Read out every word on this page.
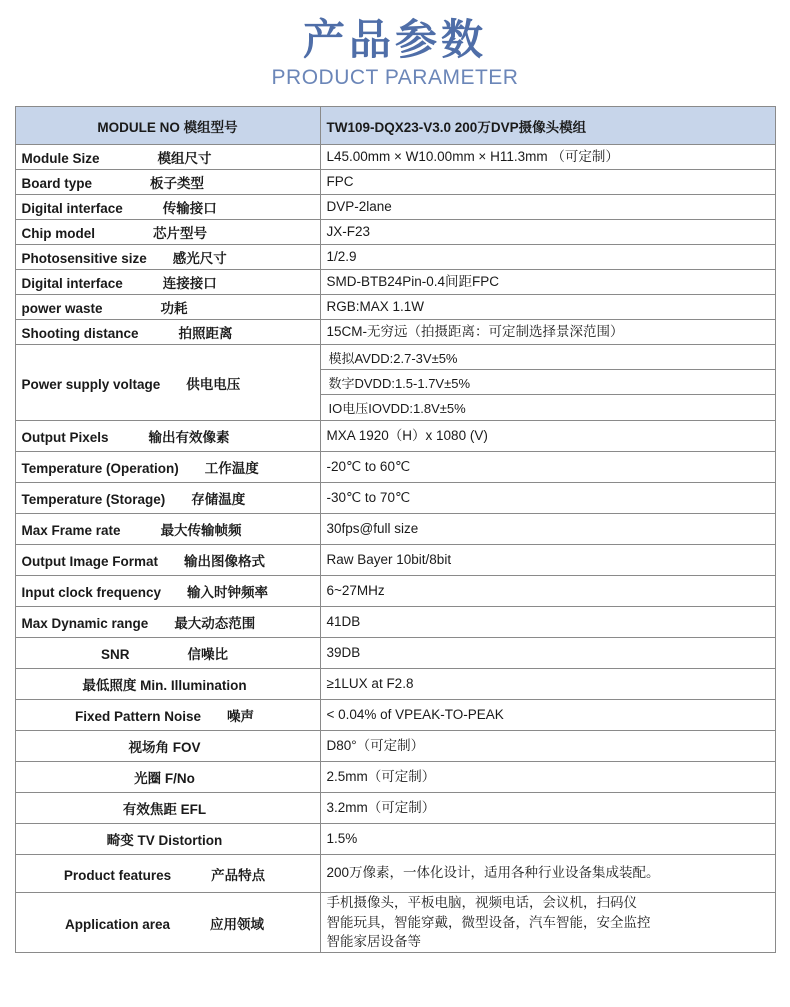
产品参数
PRODUCT PARAMETER
MODULE NO 模组型号	TW109-DQX23-V3.0 200万DVP摄像头模组
Module Size 模组尺寸	L45.00mm × W10.00mm × H11.3mm （可定制）
Board type 板子类型	FPC
Digital interface 传输接口	DVP-2lane
Chip model 芯片型号	JX-F23
Photosensitive size 感光尺寸	1/2.9
Digital interface 连接接口	SMD-BTB24Pin-0.4间距FPC
power waste 功耗	RGB:MAX 1.1W
Shooting distance 拍照距离	15CM-无穷远（拍摄距离：可定制选择景深范围）
Power supply voltage 供电电压	模拟AVDD:2.7-3V±5%
数字DVDD:1.5-1.7V±5%
IO电压IOVDD:1.8V±5%

Output Pixels 输出有效像素	MXA 1920（H）x 1080 (V)
Temperature (Operation) 工作温度	-20℃ to 60℃
Temperature (Storage) 存储温度	-30℃ to 70℃
Max Frame rate 最大传输帧频	30fps@full size
Output Image Format 输出图像格式	Raw Bayer 10bit/8bit
Input clock frequency 输入时钟频率	6~27MHz
Max Dynamic range 最大动态范围	41DB
SNR 信噪比	39DB
最低照度 Min. Illumination	≥1LUX at F2.8
Fixed Pattern Noise 噪声	< 0.04% of VPEAK-TO-PEAK
视场角 FOV	D80°（可定制）
光圈 F/No	2.5mm（可定制）
有效焦距 EFL	3.2mm（可定制）
畸变 TV Distortion	1.5%
Product features 产品特点	200万像素，一体化设计，适用各种行业设备集成装配。
Application area 应用领域	手机摄像头，平板电脑，视频电话，会议机，扫码仪
智能玩具，智能穿戴，微型设备，汽车智能，安全监控
智能家居设备等
